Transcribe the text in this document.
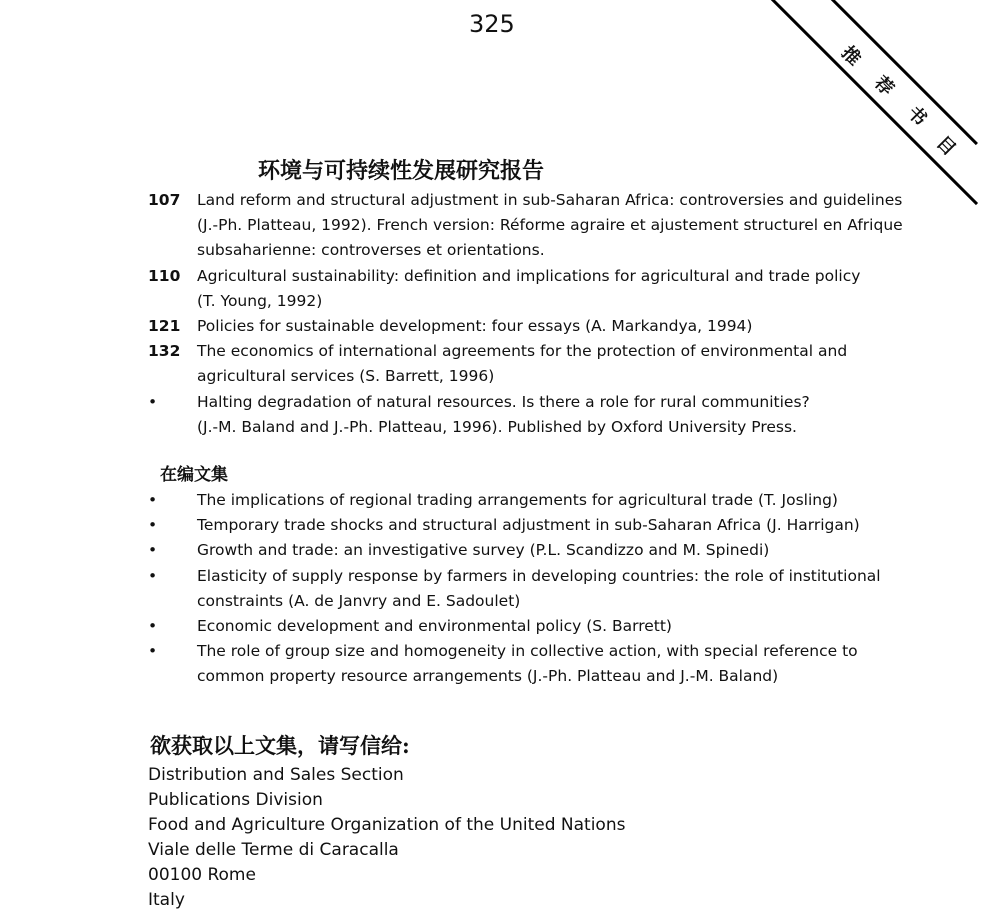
325
推
荐
书
目
环境与可持续性发展研究报告
107 Land reform and structural adjustment in sub-Saharan Africa: controversies and guidelines
(J.-Ph. Platteau, 1992). French version: Réforme agraire et ajustement structurel en Afrique
subsaharienne: controverses et orientations.
110 Agricultural sustainability: definition and implications for agricultural and trade policy
(T. Young, 1992)
121 Policies for sustainable development: four essays (A. Markandya, 1994)
132 The economics of international agreements for the protection of environmental and
agricultural services (S. Barrett, 1996)
•	Halting degradation of natural resources. Is there a role for rural communities?
(J.-M. Baland and J.-Ph. Platteau, 1996). Published by Oxford University Press.
在编文集
•	The implications of regional trading arrangements for agricultural trade (T. Josling)
•	Temporary trade shocks and structural adjustment in sub-Saharan Africa (J. Harrigan)
•	Growth and trade: an investigative survey (P.L. Scandizzo and M. Spinedi)
•	Elasticity of supply response by farmers in developing countries: the role of institutional
constraints (A. de Janvry and E. Sadoulet)
•	Economic development and environmental policy (S. Barrett)
•	The role of group size and homogeneity in collective action, with special reference to
common property resource arrangements (J.-Ph. Platteau and J.-M. Baland)
欲获取以上文集，请写信给:
Distribution and Sales Section
Publications Division
Food and Agriculture Organization of the United Nations
Viale delle Terme di Caracalla
00100 Rome
Italy
